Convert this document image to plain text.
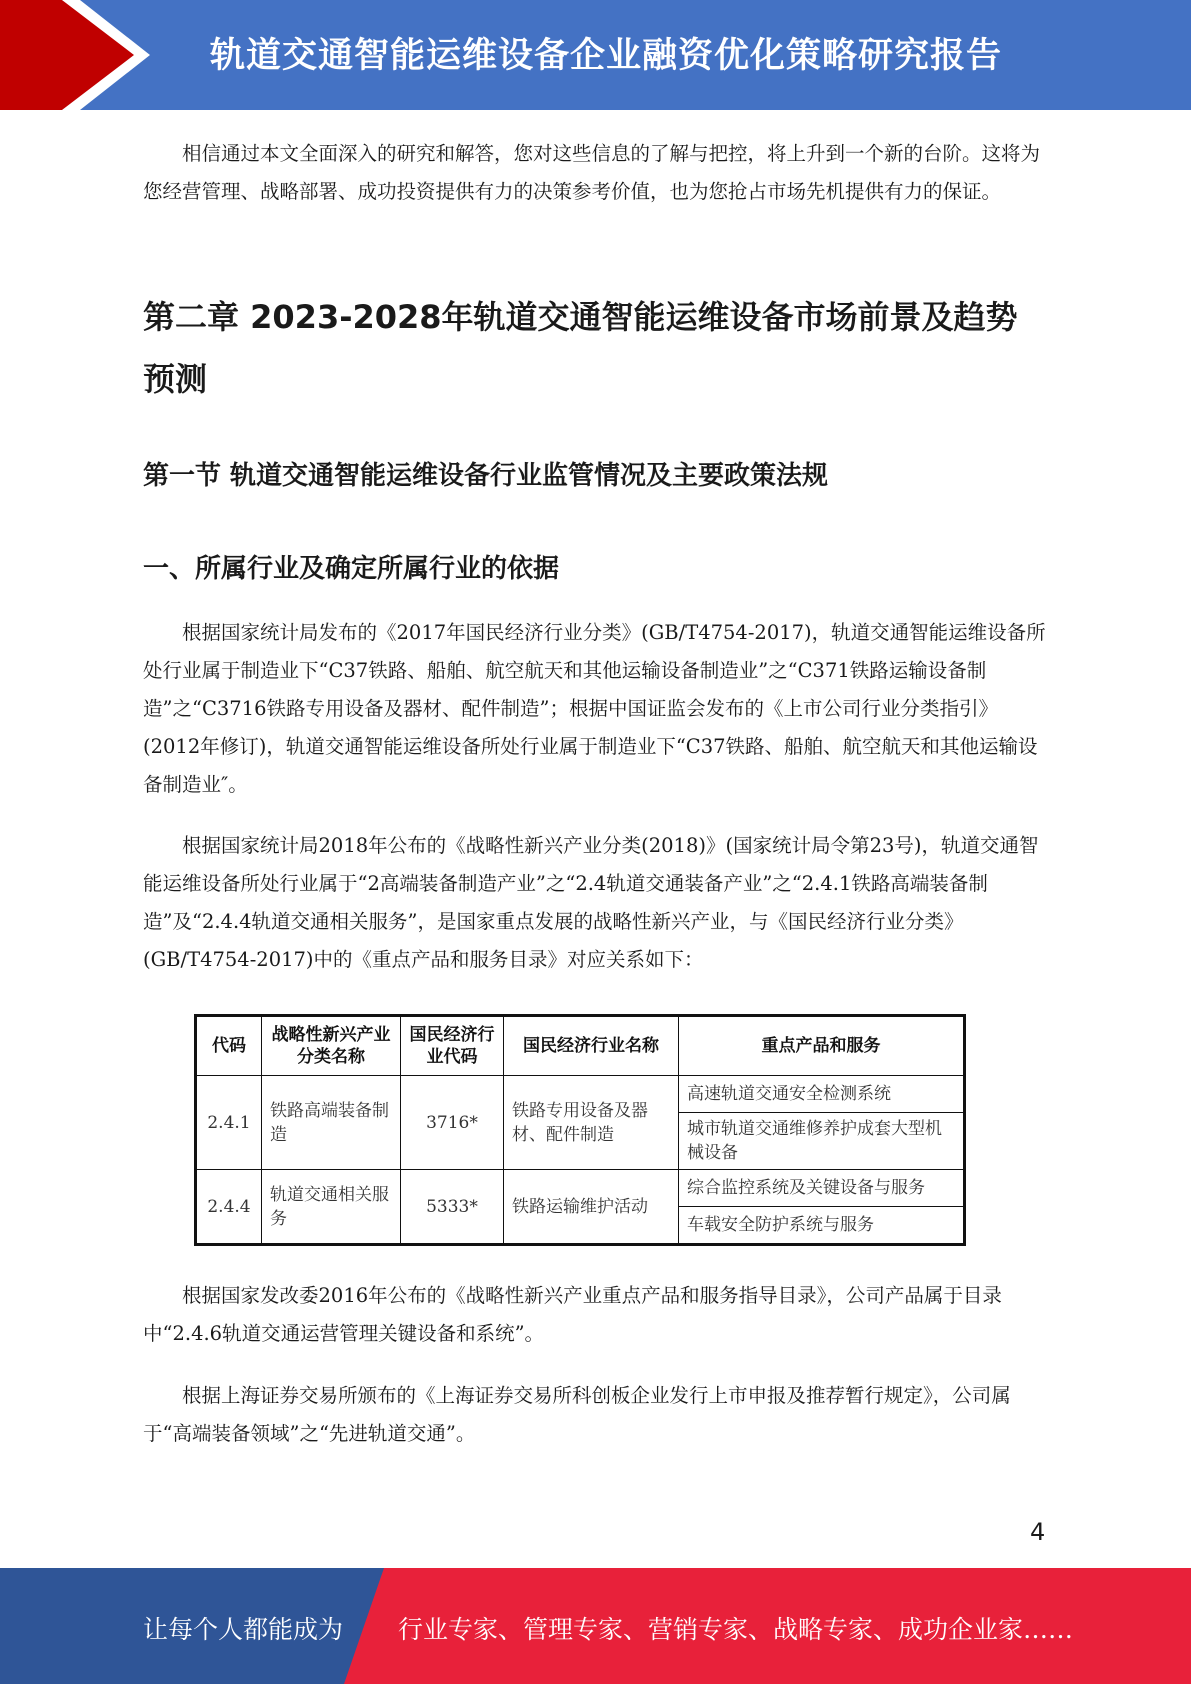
轨道交通智能运维设备企业融资优化策略研究报告

相信通过本文全面深入的研究和解答，您对这些信息的了解与把控，将上升到一个新的台阶。这将为您经营管理、战略部署、成功投资提供有力的决策参考价值，也为您抢占市场先机提供有力的保证。

第二章 2023-2028年轨道交通智能运维设备市场前景及趋势预测
第一节 轨道交通智能运维设备行业监管情况及主要政策法规
一、所属行业及确定所属行业的依据

根据国家统计局发布的《2017年国民经济行业分类》(GB/T4754-2017)，轨道交通智能运维设备所处行业属于制造业下“C37铁路、船舶、航空航天和其他运输设备制造业”之“C371铁路运输设备制造”之“C3716铁路专用设备及器材、配件制造”；根据中国证监会发布的《上市公司行业分类指引》(2012年修订)，轨道交通智能运维设备所处行业属于制造业下“C37铁路、船舶、航空航天和其他运输设备制造业″。

根据国家统计局2018年公布的《战略性新兴产业分类(2018)》(国家统计局令第23号)，轨道交通智能运维设备所处行业属于“2高端装备制造产业”之“2.4轨道交通装备产业”之“2.4.1铁路高端装备制造”及“2.4.4轨道交通相关服务”，是国家重点发展的战略性新兴产业，与《国民经济行业分类》(GB/T4754-2017)中的《重点产品和服务目录》对应关系如下：

代码	战略性新兴产业分类名称	国民经济行业代码	国民经济行业名称	重点产品和服务
2.4.1	铁路高端装备制造	3716*	铁路专用设备及器材、配件制造	高速轨道交通安全检测系统
				城市轨道交通维修养护成套大型机械设备
2.4.4	轨道交通相关服务	5333*	铁路运输维护活动	综合监控系统及关键设备与服务
				车载安全防护系统与服务

根据国家发改委2016年公布的《战略性新兴产业重点产品和服务指导目录》，公司产品属于目录中“2.4.6轨道交通运营管理关键设备和系统”。

根据上海证券交易所颁布的《上海证券交易所科创板企业发行上市申报及推荐暂行规定》，公司属于“高端装备领域”之“先进轨道交通”。

4
让每个人都能成为 行业专家、管理专家、营销专家、战略专家、成功企业家……
